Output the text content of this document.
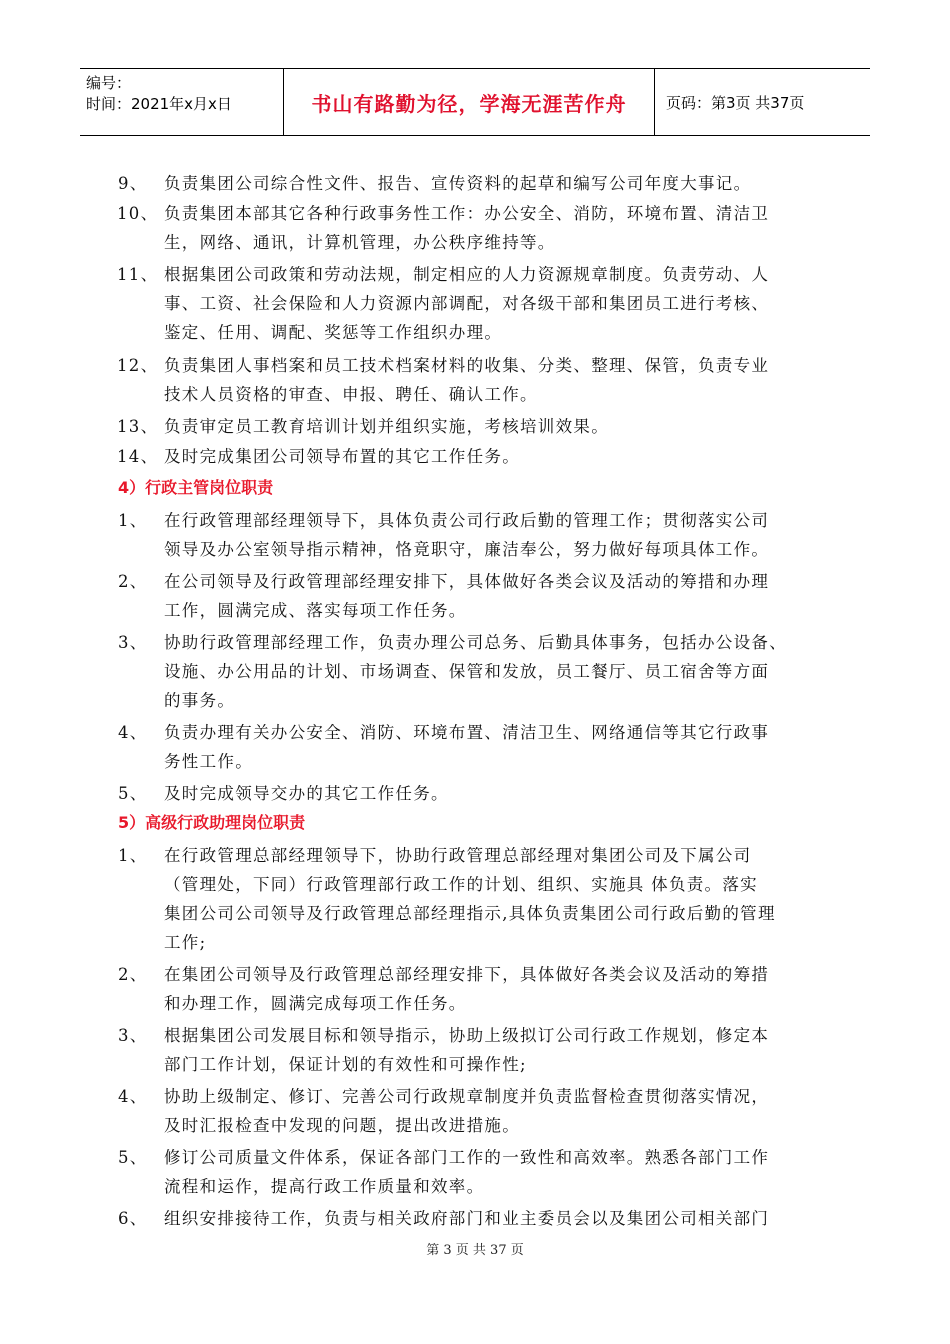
编号：
时间：2021年x月x日	书山有路勤为径，学海无涯苦作舟	页码：第3页 共37页
9、 负责集团公司综合性文件、报告、宣传资料的起草和编写公司年度大事记。
10、 负责集团本部其它各种行政事务性工作：办公安全、消防，环境布置、清洁卫
生，网络、通讯，计算机管理，办公秩序维持等。
11、 根据集团公司政策和劳动法规，制定相应的人力资源规章制度。负责劳动、人
事、工资、社会保险和人力资源内部调配，对各级干部和集团员工进行考核、
鉴定、任用、调配、奖惩等工作组织办理。
12、 负责集团人事档案和员工技术档案材料的收集、分类、整理、保管，负责专业
技术人员资格的审查、申报、聘任、确认工作。
13、 负责审定员工教育培训计划并组织实施，考核培训效果。
14、 及时完成集团公司领导布置的其它工作任务。
4）行政主管岗位职责
1、 在行政管理部经理领导下，具体负责公司行政后勤的管理工作；贯彻落实公司
领导及办公室领导指示精神，恪竟职守，廉洁奉公，努力做好每项具体工作。
2、 在公司领导及行政管理部经理安排下，具体做好各类会议及活动的筹措和办理
工作，圆满完成、落实每项工作任务。
3、 协助行政管理部经理工作，负责办理公司总务、后勤具体事务，包括办公设备、
设施、办公用品的计划、市场调查、保管和发放，员工餐厅、员工宿舍等方面
的事务。
4、 负责办理有关办公安全、消防、环境布置、清洁卫生、网络通信等其它行政事
务性工作。
5、 及时完成领导交办的其它工作任务。
5）高级行政助理岗位职责
1、 在行政管理总部经理领导下，协助行政管理总部经理对集团公司及下属公司
（管理处，下同）行政管理部行政工作的计划、组织、实施具 体负责。落实
集团公司公司领导及行政管理总部经理指示,具体负责集团公司行政后勤的管理
工作;
2、 在集团公司领导及行政管理总部经理安排下，具体做好各类会议及活动的筹措
和办理工作，圆满完成每项工作任务。
3、 根据集团公司发展目标和领导指示，协助上级拟订公司行政工作规划，修定本
部门工作计划，保证计划的有效性和可操作性;
4、 协助上级制定、修订、完善公司行政规章制度并负责监督检查贯彻落实情况，
及时汇报检查中发现的问题，提出改进措施。
5、 修订公司质量文件体系，保证各部门工作的一致性和高效率。熟悉各部门工作
流程和运作，提高行政工作质量和效率。
6、 组织安排接待工作，负责与相关政府部门和业主委员会以及集团公司相关部门
第 3 页 共 37 页
